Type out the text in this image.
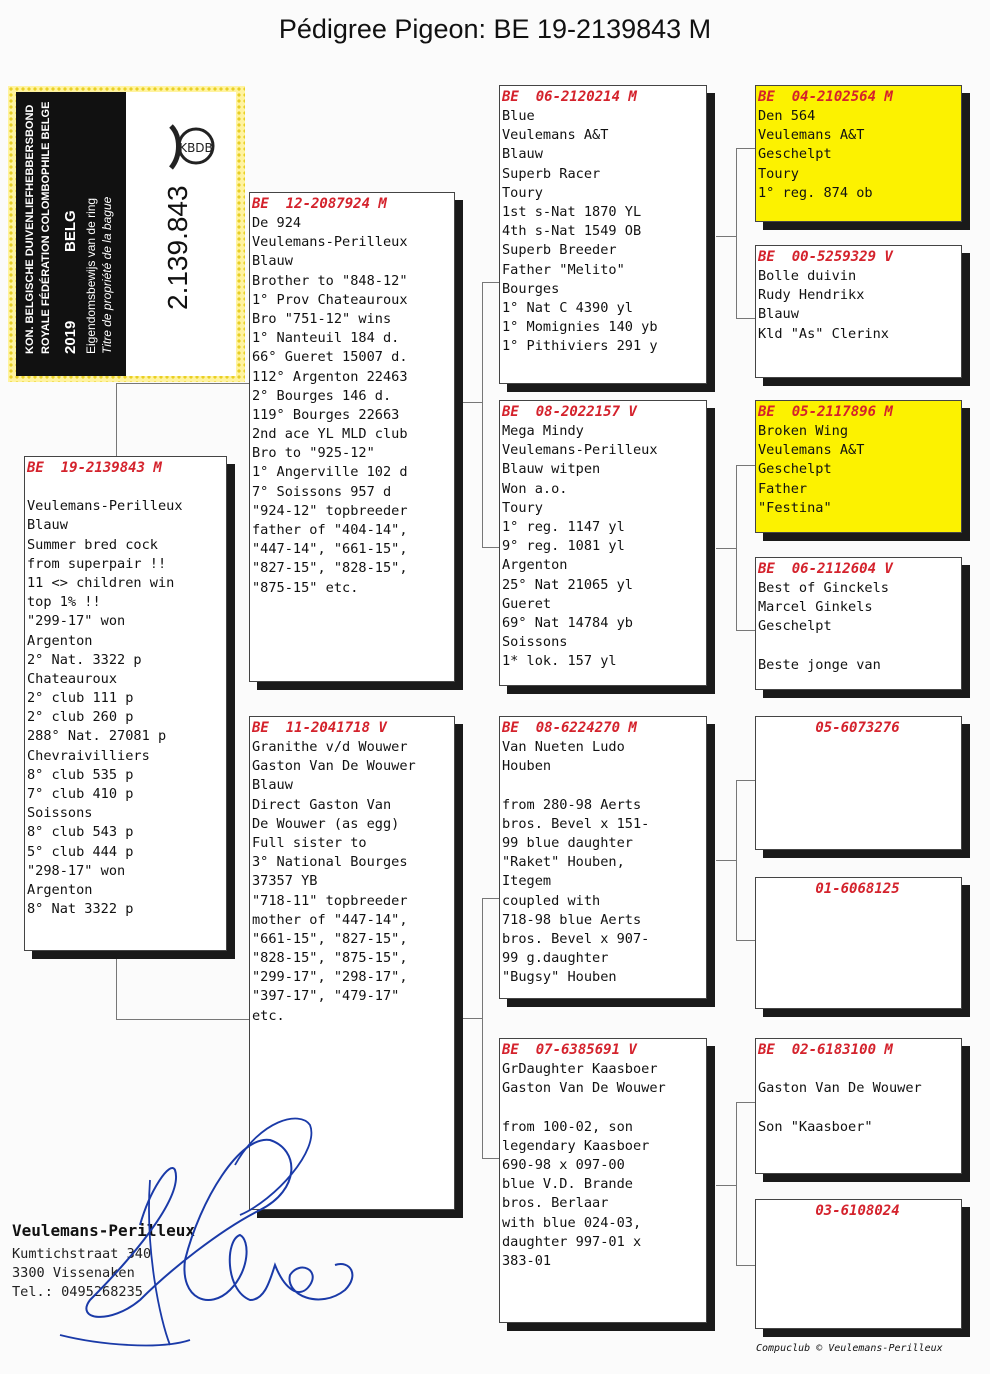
Pédigree Pigeon: BE 19-2139843 M
KON. BELGISCHE DUIVENLIEFHEBBERSBOND ROYALE FÉDÉRATION COLOMBOPHILE BELGE 2019
BELG Eigendomsbewijs van de ring Titre de propriété de la bague 2.139.843
KBDB
BE  19-2139843 M
Veulemans-Perilleux
Blauw
Summer bred cock
from superpair !!
11 <> children win
top 1% !!
"299-17" won
Argenton
2° Nat. 3322 p
Chateauroux
2° club 111 p
2° club 260 p
288° Nat. 27081 p
Chevraivilliers
8° club 535 p
7° club 410 p
Soissons
8° club 543 p
5° club 444 p
"298-17" won
Argenton
8° Nat 3322 p
BE  12-2087924 M
De 924
Veulemans-Perilleux
Blauw
Brother to "848-12"
1° Prov Chateauroux
Bro "751-12" wins
1° Nanteuil 184 d.
66° Gueret 15007 d.
112° Argenton 22463
2° Bourges 146 d.
119° Bourges 22663
2nd ace YL MLD club
Bro to "925-12"
1° Angerville 102 d
7° Soissons 957 d
"924-12" topbreeder
father of "404-14",
"447-14", "661-15",
"827-15", "828-15",
"875-15" etc.
BE  11-2041718 V
Granithe v/d Wouwer
Gaston Van De Wouwer
Blauw
Direct Gaston Van
De Wouwer (as egg)
Full sister to
3° National Bourges
37357 YB
"718-11" topbreeder
mother of "447-14",
"661-15", "827-15",
"828-15", "875-15",
"299-17", "298-17",
"397-17", "479-17"
etc.
BE  06-2120214 M
Blue
Veulemans A&T
Blauw
Superb Racer
Toury
1st s-Nat 1870 YL
4th s-Nat 1549 OB
Superb Breeder
Father "Melito"
Bourges
1° Nat C 4390 yl
1° Momignies 140 yb
1° Pithiviers 291 y
BE  08-2022157 V
Mega Mindy
Veulemans-Perilleux
Blauw witpen
Won a.o.
Toury
1° reg. 1147 yl
9° reg. 1081 yl
Argenton
25° Nat 21065 yl
Gueret
69° Nat 14784 yb
Soissons
1* lok. 157 yl
BE  08-6224270 M
Van Nueten Ludo
Houben
from 280-98 Aerts
bros. Bevel x 151-
99 blue daughter
"Raket" Houben,
Itegem
coupled with
718-98 blue Aerts
bros. Bevel x 907-
99 g.daughter
"Bugsy" Houben
BE  07-6385691 V
GrDaughter Kaasboer
Gaston Van De Wouwer
from 100-02, son
legendary Kaasboer
690-98 x 097-00
blue V.D. Brande
bros. Berlaar
with blue 024-03,
daughter 997-01 x
383-01
BE  04-2102564 M
Den 564
Veulemans A&T
Geschelpt
Toury
1° reg. 874 ob
BE  00-5259329 V
Bolle duivin
Rudy Hendrikx
Blauw
Kld "As" Clerinx
BE  05-2117896 M
Broken Wing
Veulemans A&T
Geschelpt
Father
"Festina"
BE  06-2112604 V
Best of Ginckels
Marcel Ginkels
Geschelpt
Beste jonge van
05-6073276
01-6068125
BE  02-6183100 M
Gaston Van De Wouwer
Son "Kaasboer"
03-6108024
Veulemans-Perilleux
Kumtichstraat 340
3300 Vissenaken
Tel.: 0495268235
Compuclub © Veulemans-Perilleux
